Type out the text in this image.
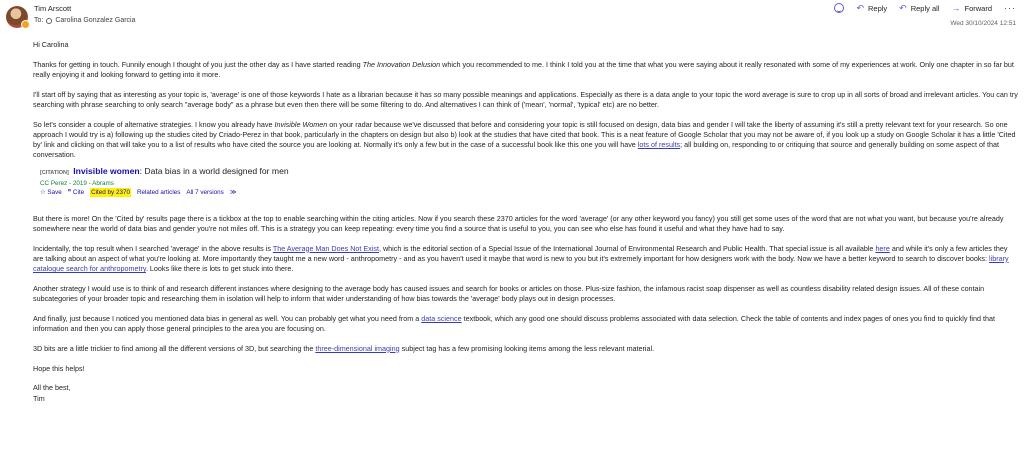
Tim Arscott
To: Carolina Gonzalez Garcia
↶ Reply ↶ Reply all → Forward ···
Wed 30/10/2024 12:51

Hi Carolina

Thanks for getting in touch. Funnily enough I thought of you just the other day as I have started reading The Innovation Delusion which you recommended to me. I think I told you at the time that what you were saying about it really resonated with some of my experiences at work. Only one chapter in so far but really enjoying it and looking forward to getting into it more.

I'll start off by saying that as interesting as your topic is, 'average' is one of those keywords I hate as a librarian because it has so many possible meanings and applications. Especially as there is a data angle to your topic the word average is sure to crop up in all sorts of broad and irrelevant articles. You can try searching with phrase searching to only search "average body" as a phrase but even then there will be some filtering to do. And alternatives I can think of ('mean', 'normal', 'typical' etc) are no better.

So let's consider a couple of alternative strategies. I know you already have Invisible Women on your radar because we've discussed that before and considering your topic is still focused on design, data bias and gender I will take the liberty of assuming it's still a pretty relevant text for your research. So one approach I would try is a) following up the studies cited by Criado-Perez in that book, particularly in the chapters on design but also b) look at the studies that have cited that book. This is a neat feature of Google Scholar that you may not be aware of, if you look up a study on Google Scholar it has a little 'Cited by' link and clicking on that will take you to a list of results who have cited the source you are looking at. Normally it's only a few but in the case of a successful book like this one you will have lots of results; all building on, responding to or critiquing that source and generally building on some aspect of that conversation.

[CITATION] Invisible women: Data bias in a world designed for men
CC Perez - 2019 - Abrams
☆ Save ❞ Cite Cited by 2370 Related articles All 7 versions ≫

But there is more! On the 'Cited by' results page there is a tickbox at the top to enable searching within the citing articles. Now if you search these 2370 articles for the word 'average' (or any other keyword you fancy) you still get some uses of the word that are not what you want, but because you're already somewhere near the world of data bias and gender you're not miles off. This is a strategy you can keep repeating: every time you find a source that is useful to you, you can see who else has found it useful and what they have had to say.

Incidentally, the top result when I searched 'average' in the above results is The Average Man Does Not Exist, which is the editorial section of a Special Issue of the International Journal of Environmental Research and Public Health. That special issue is all available here and while it's only a few articles they are talking about an aspect of what you're looking at. More importantly they taught me a new word - anthropometry - and as you haven't used it maybe that word is new to you but it's extremely important for how designers work with the body. Now we have a better keyword to search to discover books: library catalogue search for anthropometry. Looks like there is lots to get stuck into there.

Another strategy I would use is to think of and research different instances where designing to the average body has caused issues and search for books or articles on those. Plus-size fashion, the infamous racist soap dispenser as well as countless disability related design issues. All of these contain subcategories of your broader topic and researching them in isolation will help to inform that wider understanding of how bias towards the 'average' body plays out in design processes.

And finally, just because I noticed you mentioned data bias in general as well. You can probably get what you need from a data science textbook, which any good one should discuss problems associated with data selection. Check the table of contents and index pages of ones you find to quickly find that information and then you can apply those general principles to the area you are focusing on.

3D bits are a little trickier to find among all the different versions of 3D, but searching the three-dimensional imaging subject tag has a few promising looking items among the less relevant material.

Hope this helps!

All the best,
Tim
